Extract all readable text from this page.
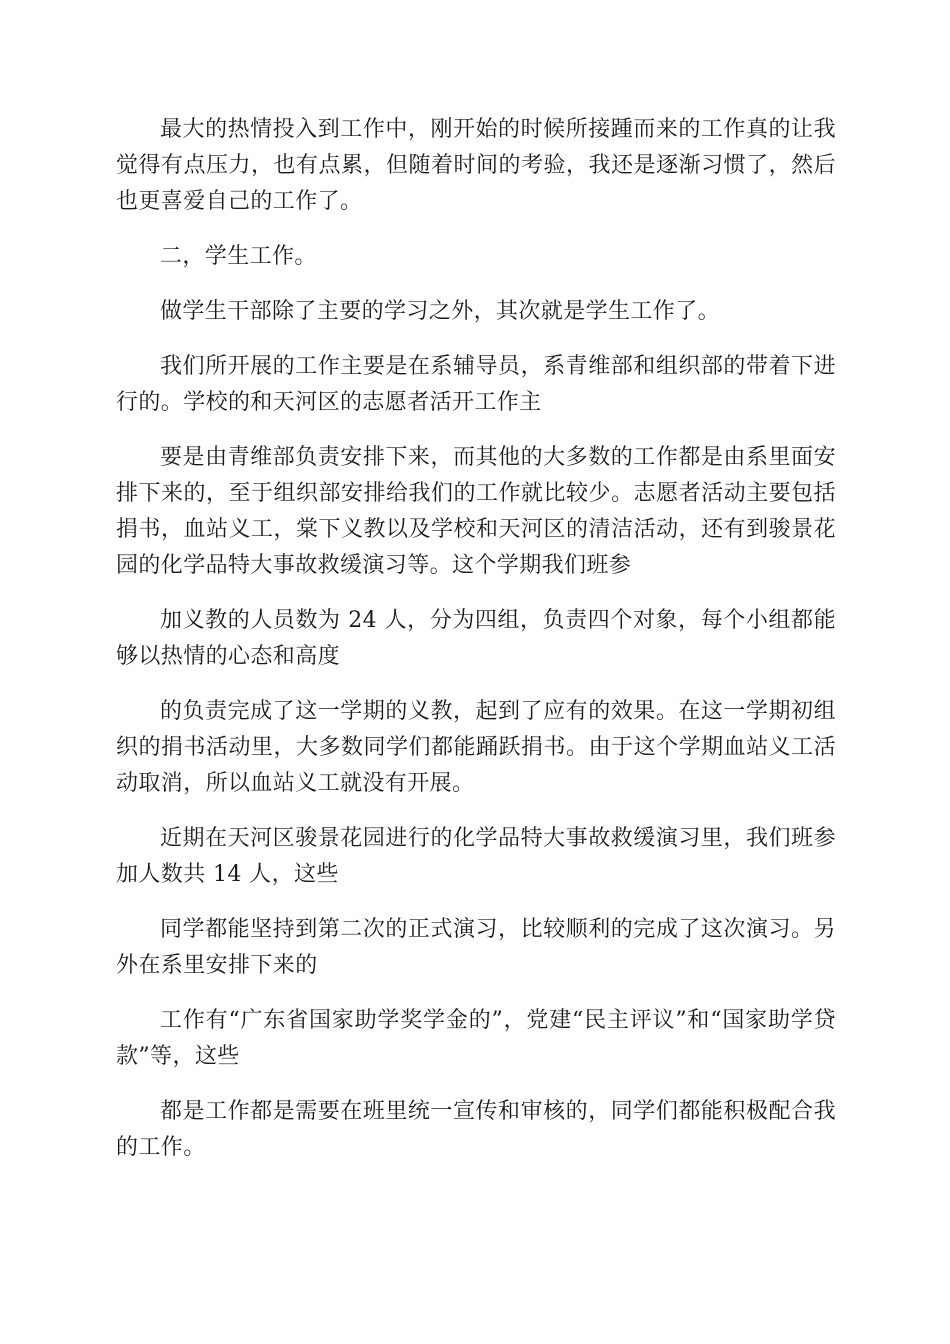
最大的热情投入到工作中，刚开始的时候所接踵而来的工作真的让我觉得有点压力，也有点累，但随着时间的考验，我还是逐渐习惯了，然后也更喜爱自己的工作了。

二，学生工作。

做学生干部除了主要的学习之外，其次就是学生工作了。

我们所开展的工作主要是在系辅导员，系青维部和组织部的带着下进行的。学校的和天河区的志愿者活开工作主

要是由青维部负责安排下来，而其他的大多数的工作都是由系里面安排下来的，至于组织部安排给我们的工作就比较少。志愿者活动主要包括捐书，血站义工，棠下义教以及学校和天河区的清洁活动，还有到骏景花园的化学品特大事故救缓演习等。这个学期我们班参

加义教的人员数为 24 人，分为四组，负责四个对象，每个小组都能够以热情的心态和高度

的负责完成了这一学期的义教，起到了应有的效果。在这一学期初组织的捐书活动里，大多数同学们都能踊跃捐书。由于这个学期血站义工活动取消，所以血站义工就没有开展。

近期在天河区骏景花园进行的化学品特大事故救缓演习里，我们班参加人数共 14 人，这些

同学都能坚持到第二次的正式演习，比较顺利的完成了这次演习。另外在系里安排下来的

工作有“广东省国家助学奖学金的”，党建“民主评议”和“国家助学贷款”等，这些

都是工作都是需要在班里统一宣传和审核的，同学们都能积极配合我的工作。
